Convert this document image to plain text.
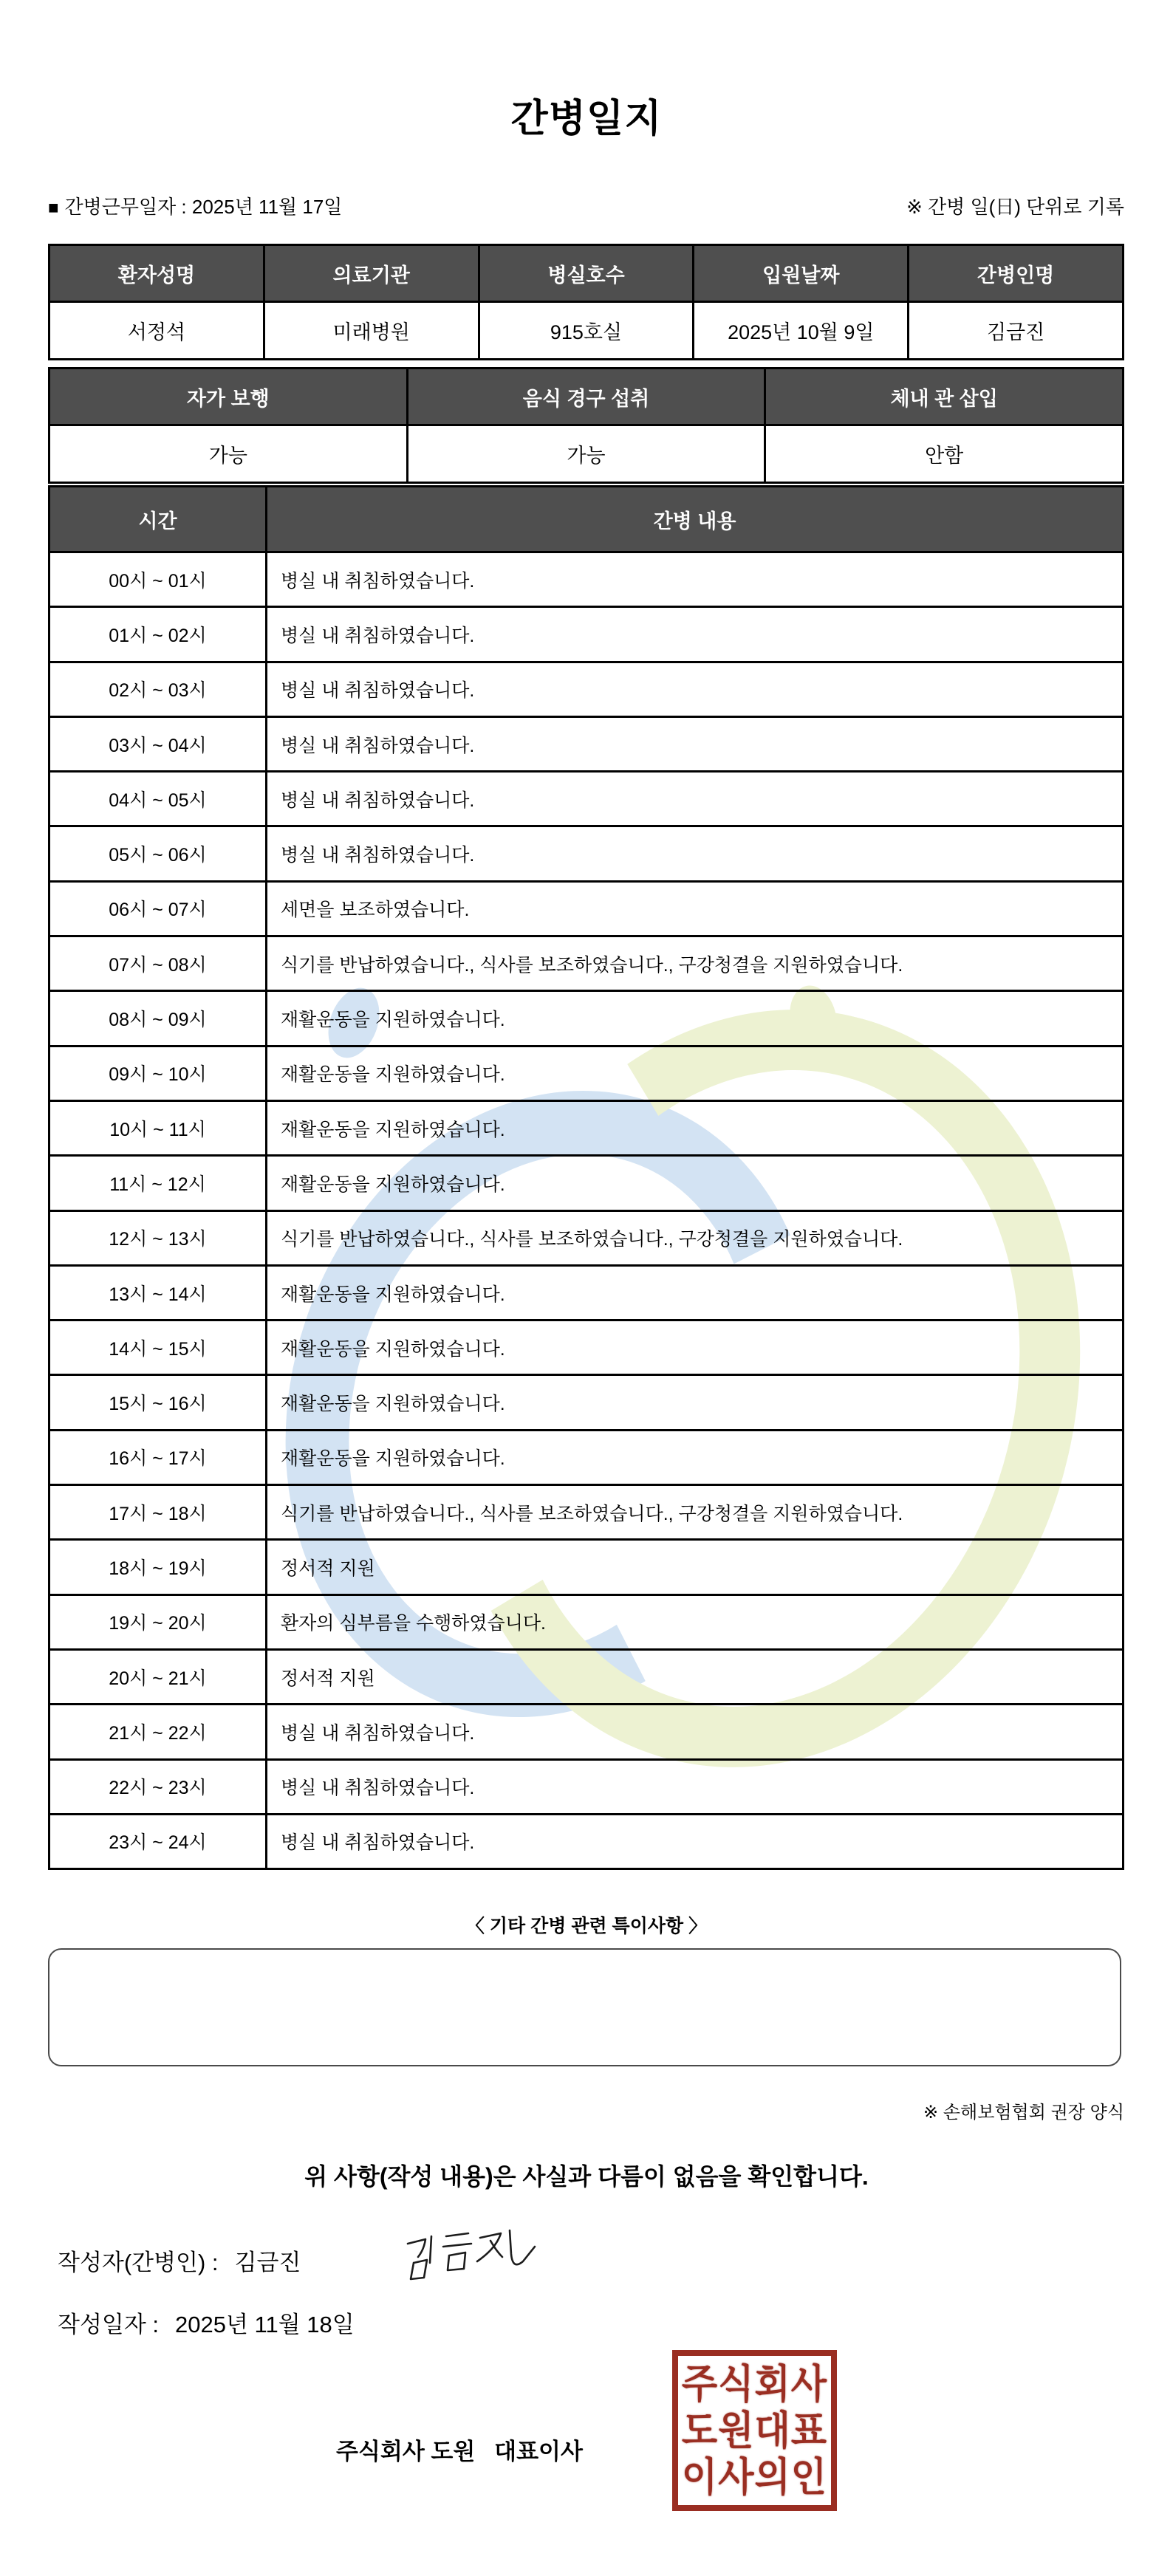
간병일지
■ 간병근무일자 : 2025년 11월 17일	※ 간병 일(日) 단위로 기록
환자성명	의료기관	병실호수	입원날짜	간병인명
서정석	미래병원	915호실	2025년 10월 9일	김금진
자가 보행	음식 경구 섭취	체내 관 삽입
가능	가능	안함
시간	간병 내용
00시 ~ 01시	병실 내 취침하였습니다.
01시 ~ 02시	병실 내 취침하였습니다.
02시 ~ 03시	병실 내 취침하였습니다.
03시 ~ 04시	병실 내 취침하였습니다.
04시 ~ 05시	병실 내 취침하였습니다.
05시 ~ 06시	병실 내 취침하였습니다.
06시 ~ 07시	세면을 보조하였습니다.
07시 ~ 08시	식기를 반납하였습니다., 식사를 보조하였습니다., 구강청결을 지원하였습니다.
08시 ~ 09시	재활운동을 지원하였습니다.
09시 ~ 10시	재활운동을 지원하였습니다.
10시 ~ 11시	재활운동을 지원하였습니다.
11시 ~ 12시	재활운동을 지원하였습니다.
12시 ~ 13시	식기를 반납하였습니다., 식사를 보조하였습니다., 구강청결을 지원하였습니다.
13시 ~ 14시	재활운동을 지원하였습니다.
14시 ~ 15시	재활운동을 지원하였습니다.
15시 ~ 16시	재활운동을 지원하였습니다.
16시 ~ 17시	재활운동을 지원하였습니다.
17시 ~ 18시	식기를 반납하였습니다., 식사를 보조하였습니다., 구강청결을 지원하였습니다.
18시 ~ 19시	정서적 지원
19시 ~ 20시	환자의 심부름을 수행하였습니다.
20시 ~ 21시	정서적 지원
21시 ~ 22시	병실 내 취침하였습니다.
22시 ~ 23시	병실 내 취침하였습니다.
23시 ~ 24시	병실 내 취침하였습니다.
〈 기타 간병 관련 특이사항 〉
※ 손해보험협회 권장 양식
위 사항(작성 내용)은 사실과 다름이 없음을 확인합니다.
작성자(간병인) : 김금진
작성일자 : 2025년 11월 18일
주식회사 도원   대표이사
주식회사
도원대표
이사의인
